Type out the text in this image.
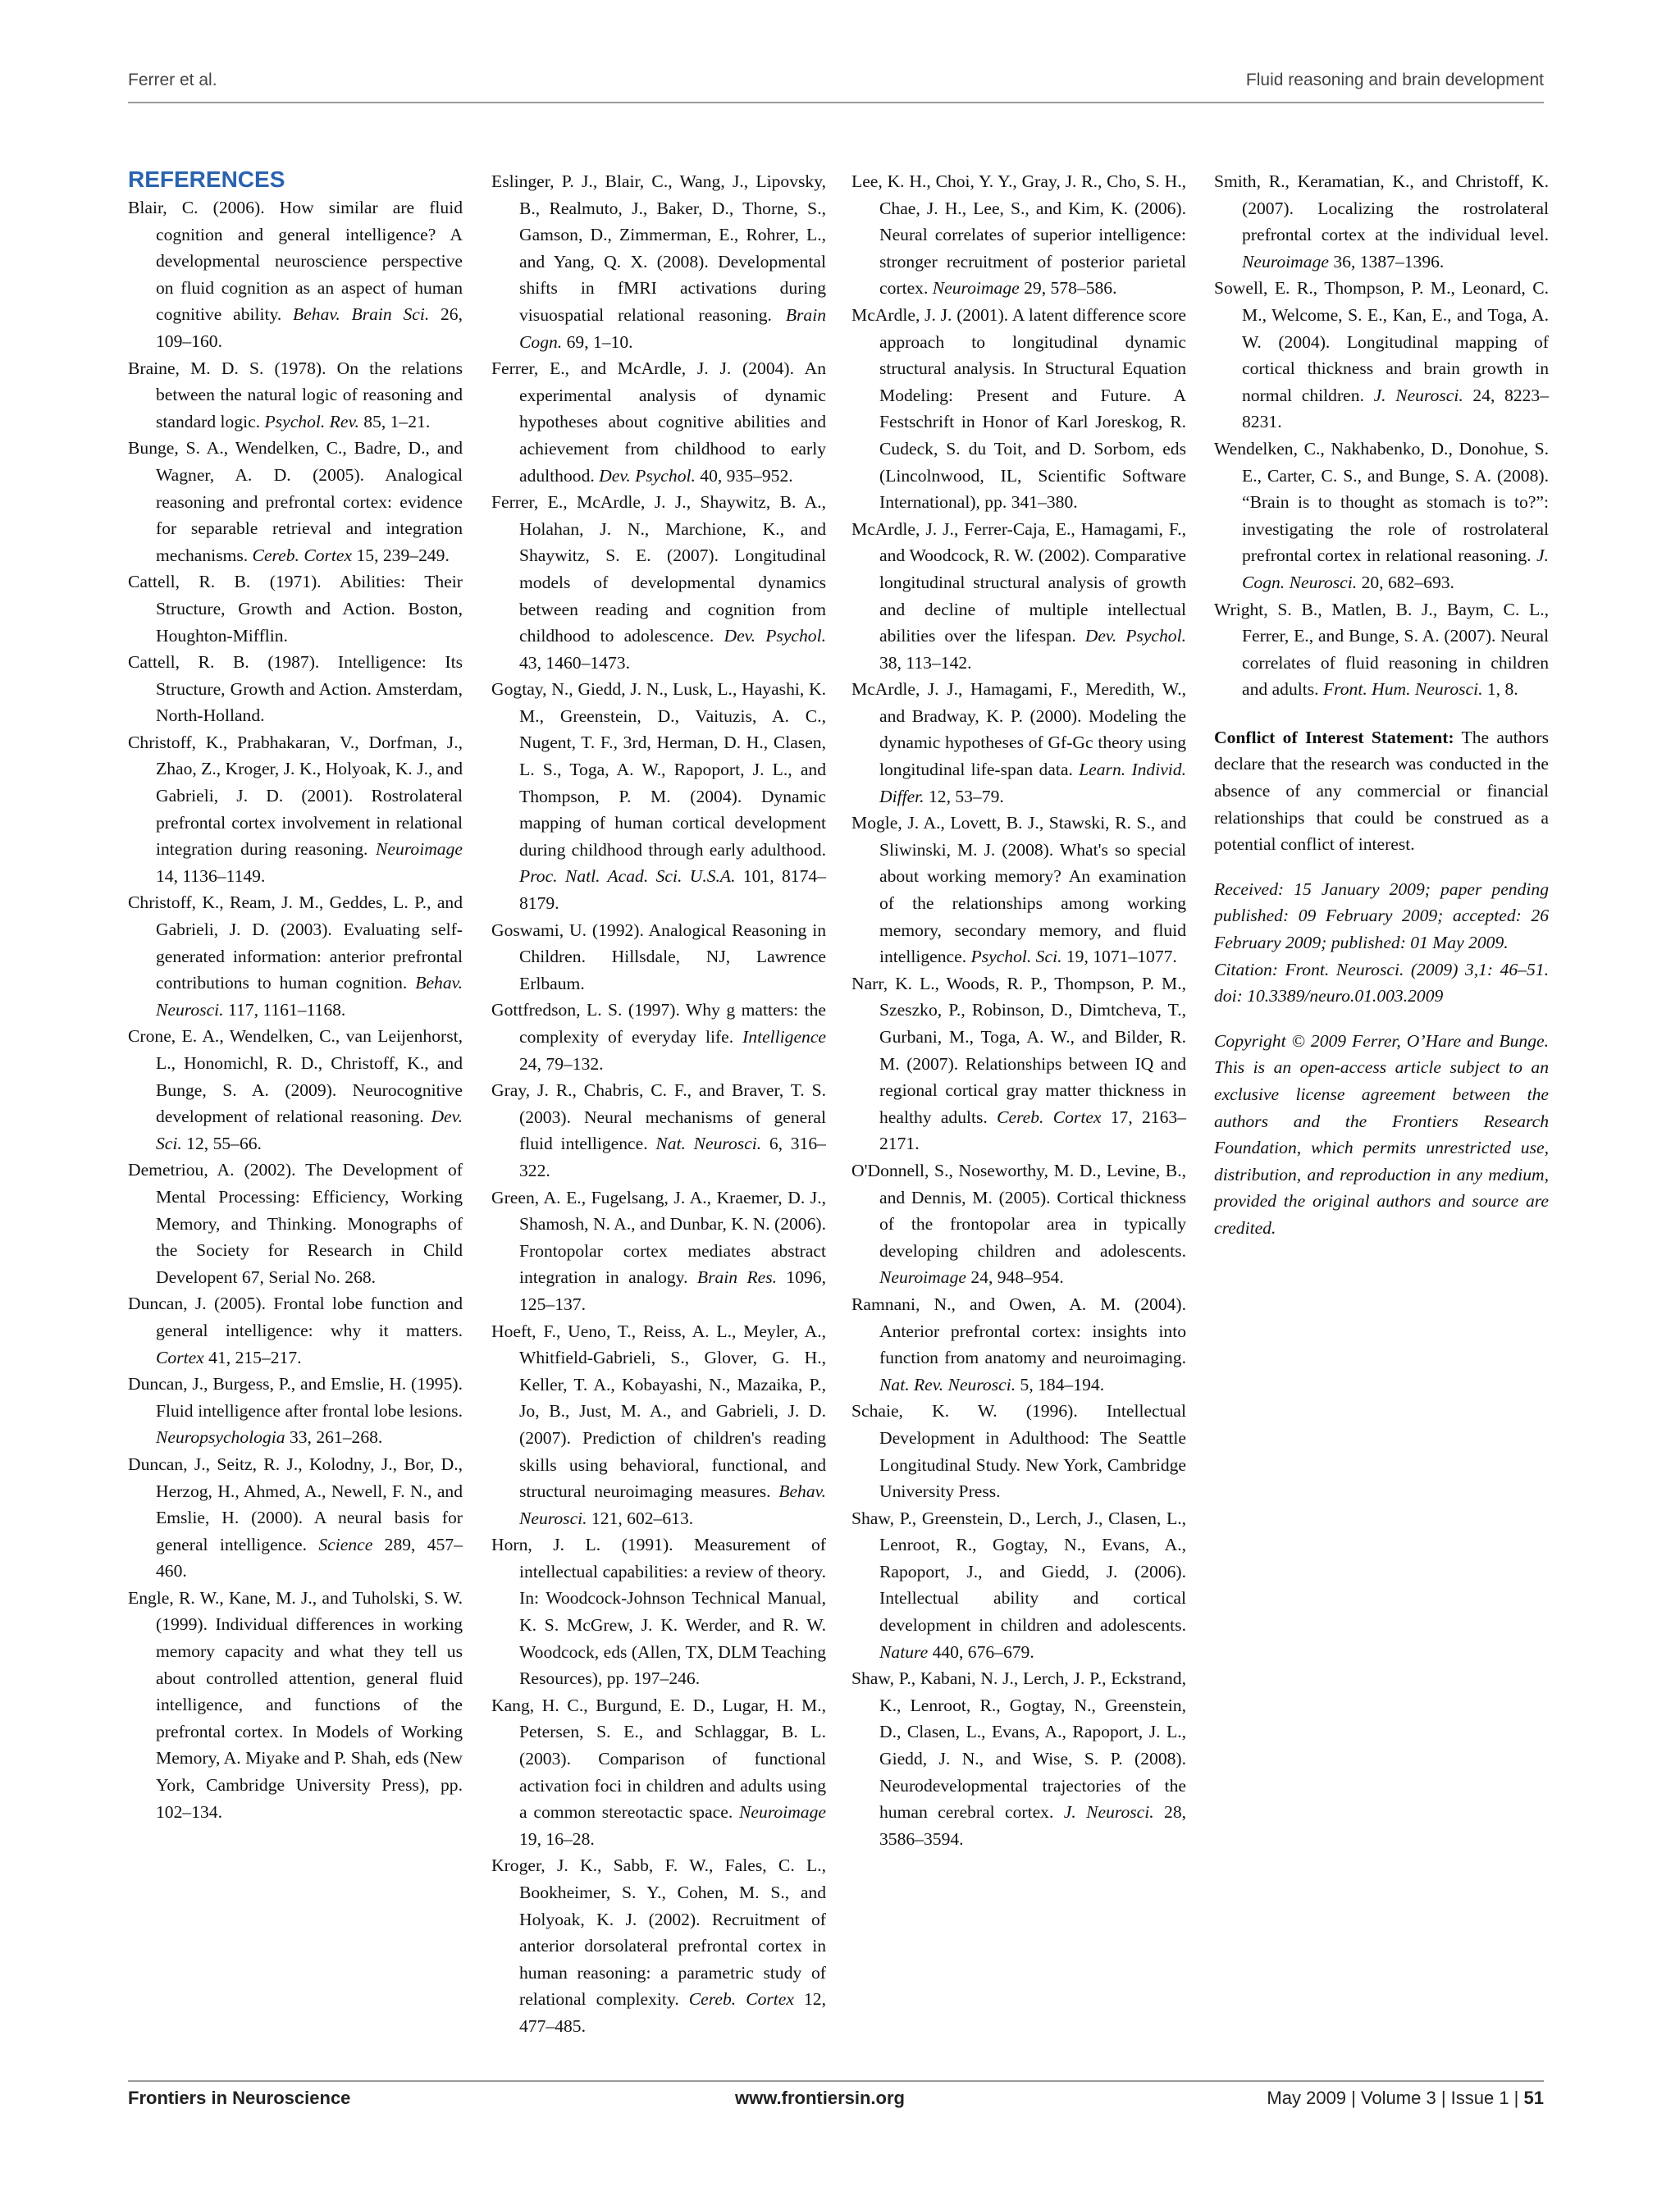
Ferrer et al.	Fluid reasoning and brain development
REFERENCES

Blair, C. (2006). How similar are fluid cognition and general intelligence? A developmental neuroscience perspective on fluid cognition as an aspect of human cognitive ability. Behav. Brain Sci. 26, 109–160.

Braine, M. D. S. (1978). On the relations between the natural logic of reasoning and standard logic. Psychol. Rev. 85, 1–21.

Bunge, S. A., Wendelken, C., Badre, D., and Wagner, A. D. (2005). Analogical reasoning and prefrontal cortex: evidence for separable retrieval and integration mechanisms. Cereb. Cortex 15, 239–249.

Cattell, R. B. (1971). Abilities: Their Structure, Growth and Action. Boston, Houghton-Mifflin.

Cattell, R. B. (1987). Intelligence: Its Structure, Growth and Action. Amsterdam, North-Holland.

Christoff, K., Prabhakaran, V., Dorfman, J., Zhao, Z., Kroger, J. K., Holyoak, K. J., and Gabrieli, J. D. (2001). Rostrolateral prefrontal cortex involvement in relational integration during reasoning. Neuroimage 14, 1136–1149.

Christoff, K., Ream, J. M., Geddes, L. P., and Gabrieli, J. D. (2003). Evaluating self-generated information: anterior prefrontal contributions to human cognition. Behav. Neurosci. 117, 1161–1168.

Crone, E. A., Wendelken, C., van Leijenhorst, L., Honomichl, R. D., Christoff, K., and Bunge, S. A. (2009). Neurocognitive development of relational reasoning. Dev. Sci. 12, 55–66.

Demetriou, A. (2002). The Development of Mental Processing: Efficiency, Working Memory, and Thinking. Monographs of the Society for Research in Child Developent 67, Serial No. 268.

Duncan, J. (2005). Frontal lobe function and general intelligence: why it matters. Cortex 41, 215–217.

Duncan, J., Burgess, P., and Emslie, H. (1995). Fluid intelligence after frontal lobe lesions. Neuropsychologia 33, 261–268.

Duncan, J., Seitz, R. J., Kolodny, J., Bor, D., Herzog, H., Ahmed, A., Newell, F. N., and Emslie, H. (2000). A neural basis for general intelligence. Science 289, 457–460.

Engle, R. W., Kane, M. J., and Tuholski, S. W. (1999). Individual differences in working memory capacity and what they tell us about controlled attention, general fluid intelligence, and functions of the prefrontal cortex. In Models of Working Memory, A. Miyake and P. Shah, eds (New York, Cambridge University Press), pp. 102–134.

Eslinger, P. J., Blair, C., Wang, J., Lipovsky, B., Realmuto, J., Baker, D., Thorne, S., Gamson, D., Zimmerman, E., Rohrer, L., and Yang, Q. X. (2008). Developmental shifts in fMRI activations during visuospatial relational reasoning. Brain Cogn. 69, 1–10.

Ferrer, E., and McArdle, J. J. (2004). An experimental analysis of dynamic hypotheses about cognitive abilities and achievement from childhood to early adulthood. Dev. Psychol. 40, 935–952.

Ferrer, E., McArdle, J. J., Shaywitz, B. A., Holahan, J. N., Marchione, K., and Shaywitz, S. E. (2007). Longitudinal models of developmental dynamics between reading and cognition from childhood to adolescence. Dev. Psychol. 43, 1460–1473.

Gogtay, N., Giedd, J. N., Lusk, L., Hayashi, K. M., Greenstein, D., Vaituzis, A. C., Nugent, T. F., 3rd, Herman, D. H., Clasen, L. S., Toga, A. W., Rapoport, J. L., and Thompson, P. M. (2004). Dynamic mapping of human cortical development during childhood through early adulthood. Proc. Natl. Acad. Sci. U.S.A. 101, 8174–8179.

Goswami, U. (1992). Analogical Reasoning in Children. Hillsdale, NJ, Lawrence Erlbaum.

Gottfredson, L. S. (1997). Why g matters: the complexity of everyday life. Intelligence 24, 79–132.

Gray, J. R., Chabris, C. F., and Braver, T. S. (2003). Neural mechanisms of general fluid intelligence. Nat. Neurosci. 6, 316–322.

Green, A. E., Fugelsang, J. A., Kraemer, D. J., Shamosh, N. A., and Dunbar, K. N. (2006). Frontopolar cortex mediates abstract integration in analogy. Brain Res. 1096, 125–137.

Hoeft, F., Ueno, T., Reiss, A. L., Meyler, A., Whitfield-Gabrieli, S., Glover, G. H., Keller, T. A., Kobayashi, N., Mazaika, P., Jo, B., Just, M. A., and Gabrieli, J. D. (2007). Prediction of children's reading skills using behavioral, functional, and structural neuroimaging measures. Behav. Neurosci. 121, 602–613.

Horn, J. L. (1991). Measurement of intellectual capabilities: a review of theory. In: Woodcock-Johnson Technical Manual, K. S. McGrew, J. K. Werder, and R. W. Woodcock, eds (Allen, TX, DLM Teaching Resources), pp. 197–246.

Kang, H. C., Burgund, E. D., Lugar, H. M., Petersen, S. E., and Schlaggar, B. L. (2003). Comparison of functional activation foci in children and adults using a common stereotactic space. Neuroimage 19, 16–28.

Kroger, J. K., Sabb, F. W., Fales, C. L., Bookheimer, S. Y., Cohen, M. S., and Holyoak, K. J. (2002). Recruitment of anterior dorsolateral prefrontal cortex in human reasoning: a parametric study of relational complexity. Cereb. Cortex 12, 477–485.

Lee, K. H., Choi, Y. Y., Gray, J. R., Cho, S. H., Chae, J. H., Lee, S., and Kim, K. (2006). Neural correlates of superior intelligence: stronger recruitment of posterior parietal cortex. Neuroimage 29, 578–586.

McArdle, J. J. (2001). A latent difference score approach to longitudinal dynamic structural analysis. In Structural Equation Modeling: Present and Future. A Festschrift in Honor of Karl Joreskog, R. Cudeck, S. du Toit, and D. Sorbom, eds (Lincolnwood, IL, Scientific Software International), pp. 341–380.

McArdle, J. J., Ferrer-Caja, E., Hamagami, F., and Woodcock, R. W. (2002). Comparative longitudinal structural analysis of growth and decline of multiple intellectual abilities over the lifespan. Dev. Psychol. 38, 113–142.

McArdle, J. J., Hamagami, F., Meredith, W., and Bradway, K. P. (2000). Modeling the dynamic hypotheses of Gf-Gc theory using longitudinal life-span data. Learn. Individ. Differ. 12, 53–79.

Mogle, J. A., Lovett, B. J., Stawski, R. S., and Sliwinski, M. J. (2008). What's so special about working memory? An examination of the relationships among working memory, secondary memory, and fluid intelligence. Psychol. Sci. 19, 1071–1077.

Narr, K. L., Woods, R. P., Thompson, P. M., Szeszko, P., Robinson, D., Dimtcheva, T., Gurbani, M., Toga, A. W., and Bilder, R. M. (2007). Relationships between IQ and regional cortical gray matter thickness in healthy adults. Cereb. Cortex 17, 2163–2171.

O'Donnell, S., Noseworthy, M. D., Levine, B., and Dennis, M. (2005). Cortical thickness of the frontopolar area in typically developing children and adolescents. Neuroimage 24, 948–954.

Ramnani, N., and Owen, A. M. (2004). Anterior prefrontal cortex: insights into function from anatomy and neuroimaging. Nat. Rev. Neurosci. 5, 184–194.

Schaie, K. W. (1996). Intellectual Development in Adulthood: The Seattle Longitudinal Study. New York, Cambridge University Press.

Shaw, P., Greenstein, D., Lerch, J., Clasen, L., Lenroot, R., Gogtay, N., Evans, A., Rapoport, J., and Giedd, J. (2006). Intellectual ability and cortical development in children and adolescents. Nature 440, 676–679.

Shaw, P., Kabani, N. J., Lerch, J. P., Eckstrand, K., Lenroot, R., Gogtay, N., Greenstein, D., Clasen, L., Evans, A., Rapoport, J. L., Giedd, J. N., and Wise, S. P. (2008). Neurodevelopmental trajectories of the human cerebral cortex. J. Neurosci. 28, 3586–3594.

Smith, R., Keramatian, K., and Christoff, K. (2007). Localizing the rostrolateral prefrontal cortex at the individual level. Neuroimage 36, 1387–1396.

Sowell, E. R., Thompson, P. M., Leonard, C. M., Welcome, S. E., Kan, E., and Toga, A. W. (2004). Longitudinal mapping of cortical thickness and brain growth in normal children. J. Neurosci. 24, 8223–8231.

Wendelken, C., Nakhabenko, D., Donohue, S. E., Carter, C. S., and Bunge, S. A. (2008). “Brain is to thought as stomach is to?”: investigating the role of rostrolateral prefrontal cortex in relational reasoning. J. Cogn. Neurosci. 20, 682–693.

Wright, S. B., Matlen, B. J., Baym, C. L., Ferrer, E., and Bunge, S. A. (2007). Neural correlates of fluid reasoning in children and adults. Front. Hum. Neurosci. 1, 8.

Conflict of Interest Statement: The authors declare that the research was conducted in the absence of any commercial or financial relationships that could be construed as a potential conflict of interest.

Received: 15 January 2009; paper pending published: 09 February 2009; accepted: 26 February 2009; published: 01 May 2009.
Citation: Front. Neurosci. (2009) 3,1: 46–51. doi: 10.3389/neuro.01.003.2009
Copyright © 2009 Ferrer, O’Hare and Bunge. This is an open-access article subject to an exclusive license agreement between the authors and the Frontiers Research Foundation, which permits unrestricted use, distribution, and reproduction in any medium, provided the original authors and source are credited.
Frontiers in Neuroscience	www.frontiersin.org	May 2009 | Volume 3 | Issue 1 | 51
